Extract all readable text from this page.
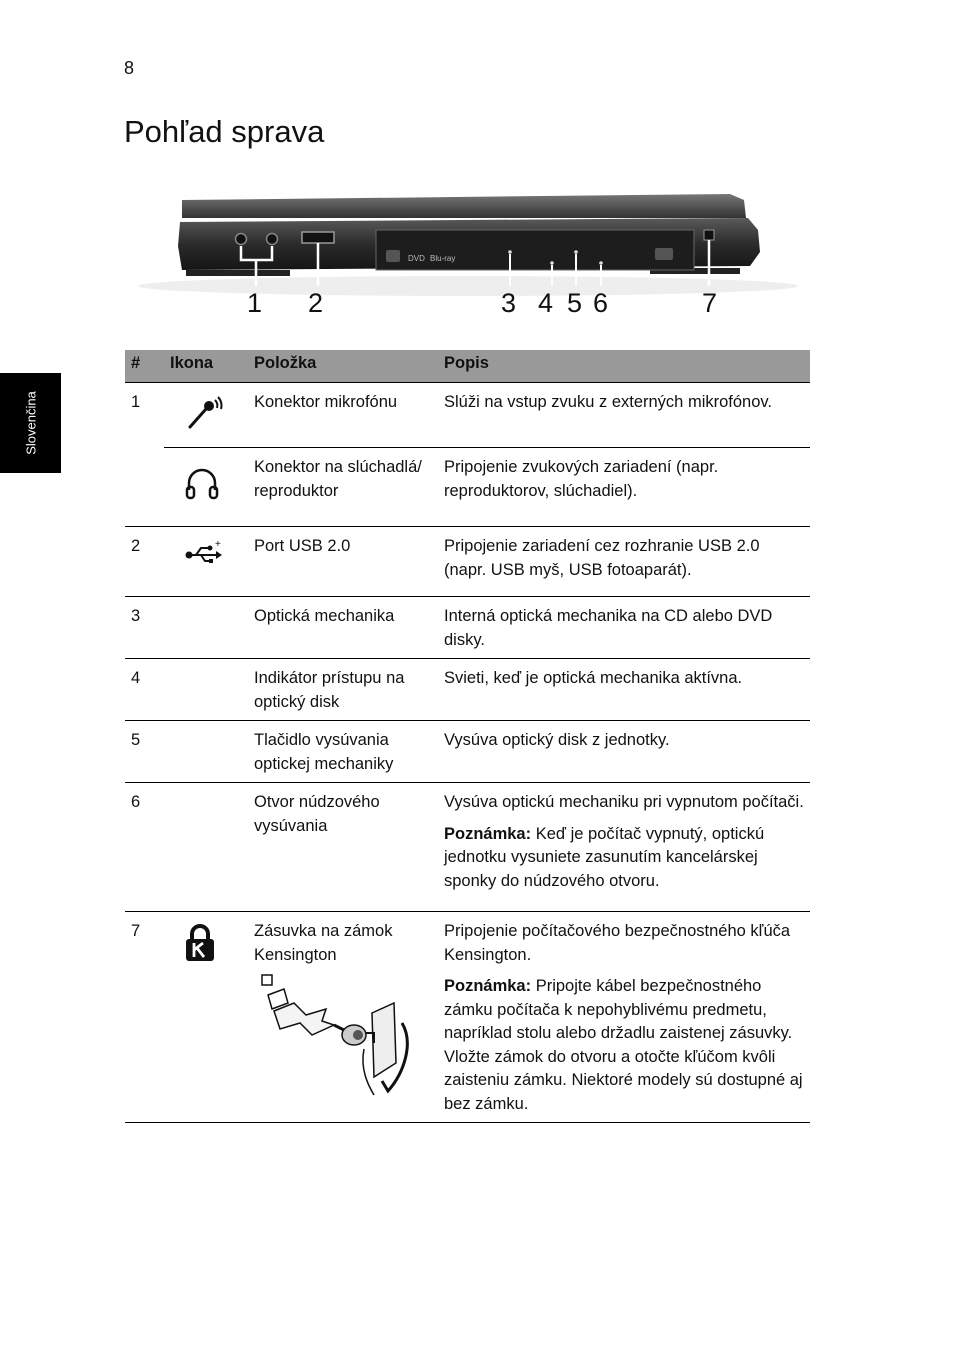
8
Pohľad sprava
Slovenčina
DVD Blu-ray
1 2	3 4 5 6	7
#	Ikona	Položka	Popis
1		Konektor mikrofónu	Slúži na vstup zvuku z externých mikrofónov.

	Konektor na slúchadlá/ reproduktor	Pripojenie zvukových zariadení (napr. reproduktorov, slúchadiel).
2	+	Port USB 2.0	Pripojenie zariadení cez rozhranie USB 2.0 (napr. USB myš, USB fotoaparát).
3		Optická mechanika	Interná optická mechanika na CD alebo DVD disky.
4		Indikátor prístupu na optický disk	Svieti, keď je optická mechanika aktívna.
5		Tlačidlo vysúvania optickej mechaniky	Vysúva optický disk z jednotky.
6		Otvor núdzového vysúvania	Vysúva optickú mechaniku pri vypnutom počítači.

Poznámka: Keď je počítač vypnutý, optickú jednotku vysuniete zasunutím kancelárskej sponky do núdzového otvoru.

7		Zásuvka na zámok Kensington	Pripojenie počítačového bezpečnostného kľúča Kensington.

Poznámka: Pripojte kábel bezpečnostného zámku počítača k nepohyblivému predmetu, napríklad stolu alebo držadlu zaistenej zásuvky. Vložte zámok do otvoru a otočte kľúčom kvôli zaisteniu zámku. Niektoré modely sú dostupné aj bez zámku.
